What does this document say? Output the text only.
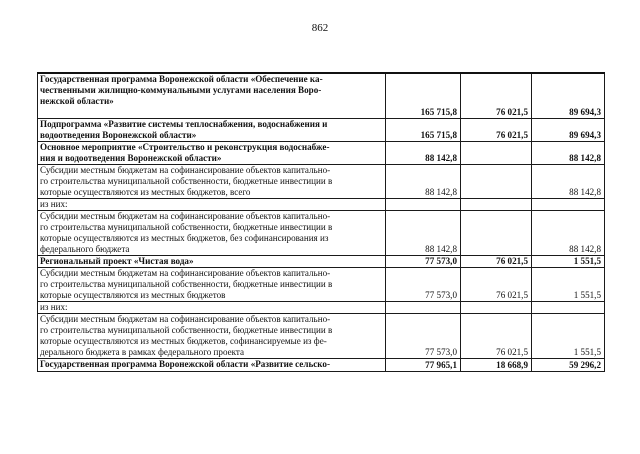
862
Государственная программа Воронежской области «Обеспечение ка-
чественными жилищно-коммунальными услугами населения Воро-
нежской области»	165 715,8	76 021,5	89 694,3
Подпрограмма «Развитие системы теплоснабжения, водоснабжения и
водоотведения Воронежской области»	165 715,8	76 021,5	89 694,3
Основное мероприятие «Строительство и реконструкция водоснабже-
ния и водоотведения Воронежской области»	88 142,8		88 142,8
Субсидии местным бюджетам на софинансирование объектов капитально-
го строительства муниципальной собственности, бюджетные инвестиции в
которые осуществляются из местных бюджетов, всего	88 142,8		88 142,8
из них:			
Субсидии местным бюджетам на софинансирование объектов капитально-
го строительства муниципальной собственности, бюджетные инвестиции в
которые осуществляются из местных бюджетов, без софинансирования из
федерального бюджета	88 142,8		88 142,8
Региональный проект «Чистая вода»	77 573,0	76 021,5	1 551,5
Субсидии местным бюджетам на софинансирование объектов капитально-
го строительства муниципальной собственности, бюджетные инвестиции в
которые осуществляются из местных бюджетов	77 573,0	76 021,5	1 551,5
из них:			
Субсидии местным бюджетам на софинансирование объектов капитально-
го строительства муниципальной собственности, бюджетные инвестиции в
которые осуществляются из местных бюджетов, софинансируемые из фе-
дерального бюджета в рамках федерального проекта	77 573,0	76 021,5	1 551,5
Государственная программа Воронежской области «Развитие сельско-	77 965,1	18 668,9	59 296,2
